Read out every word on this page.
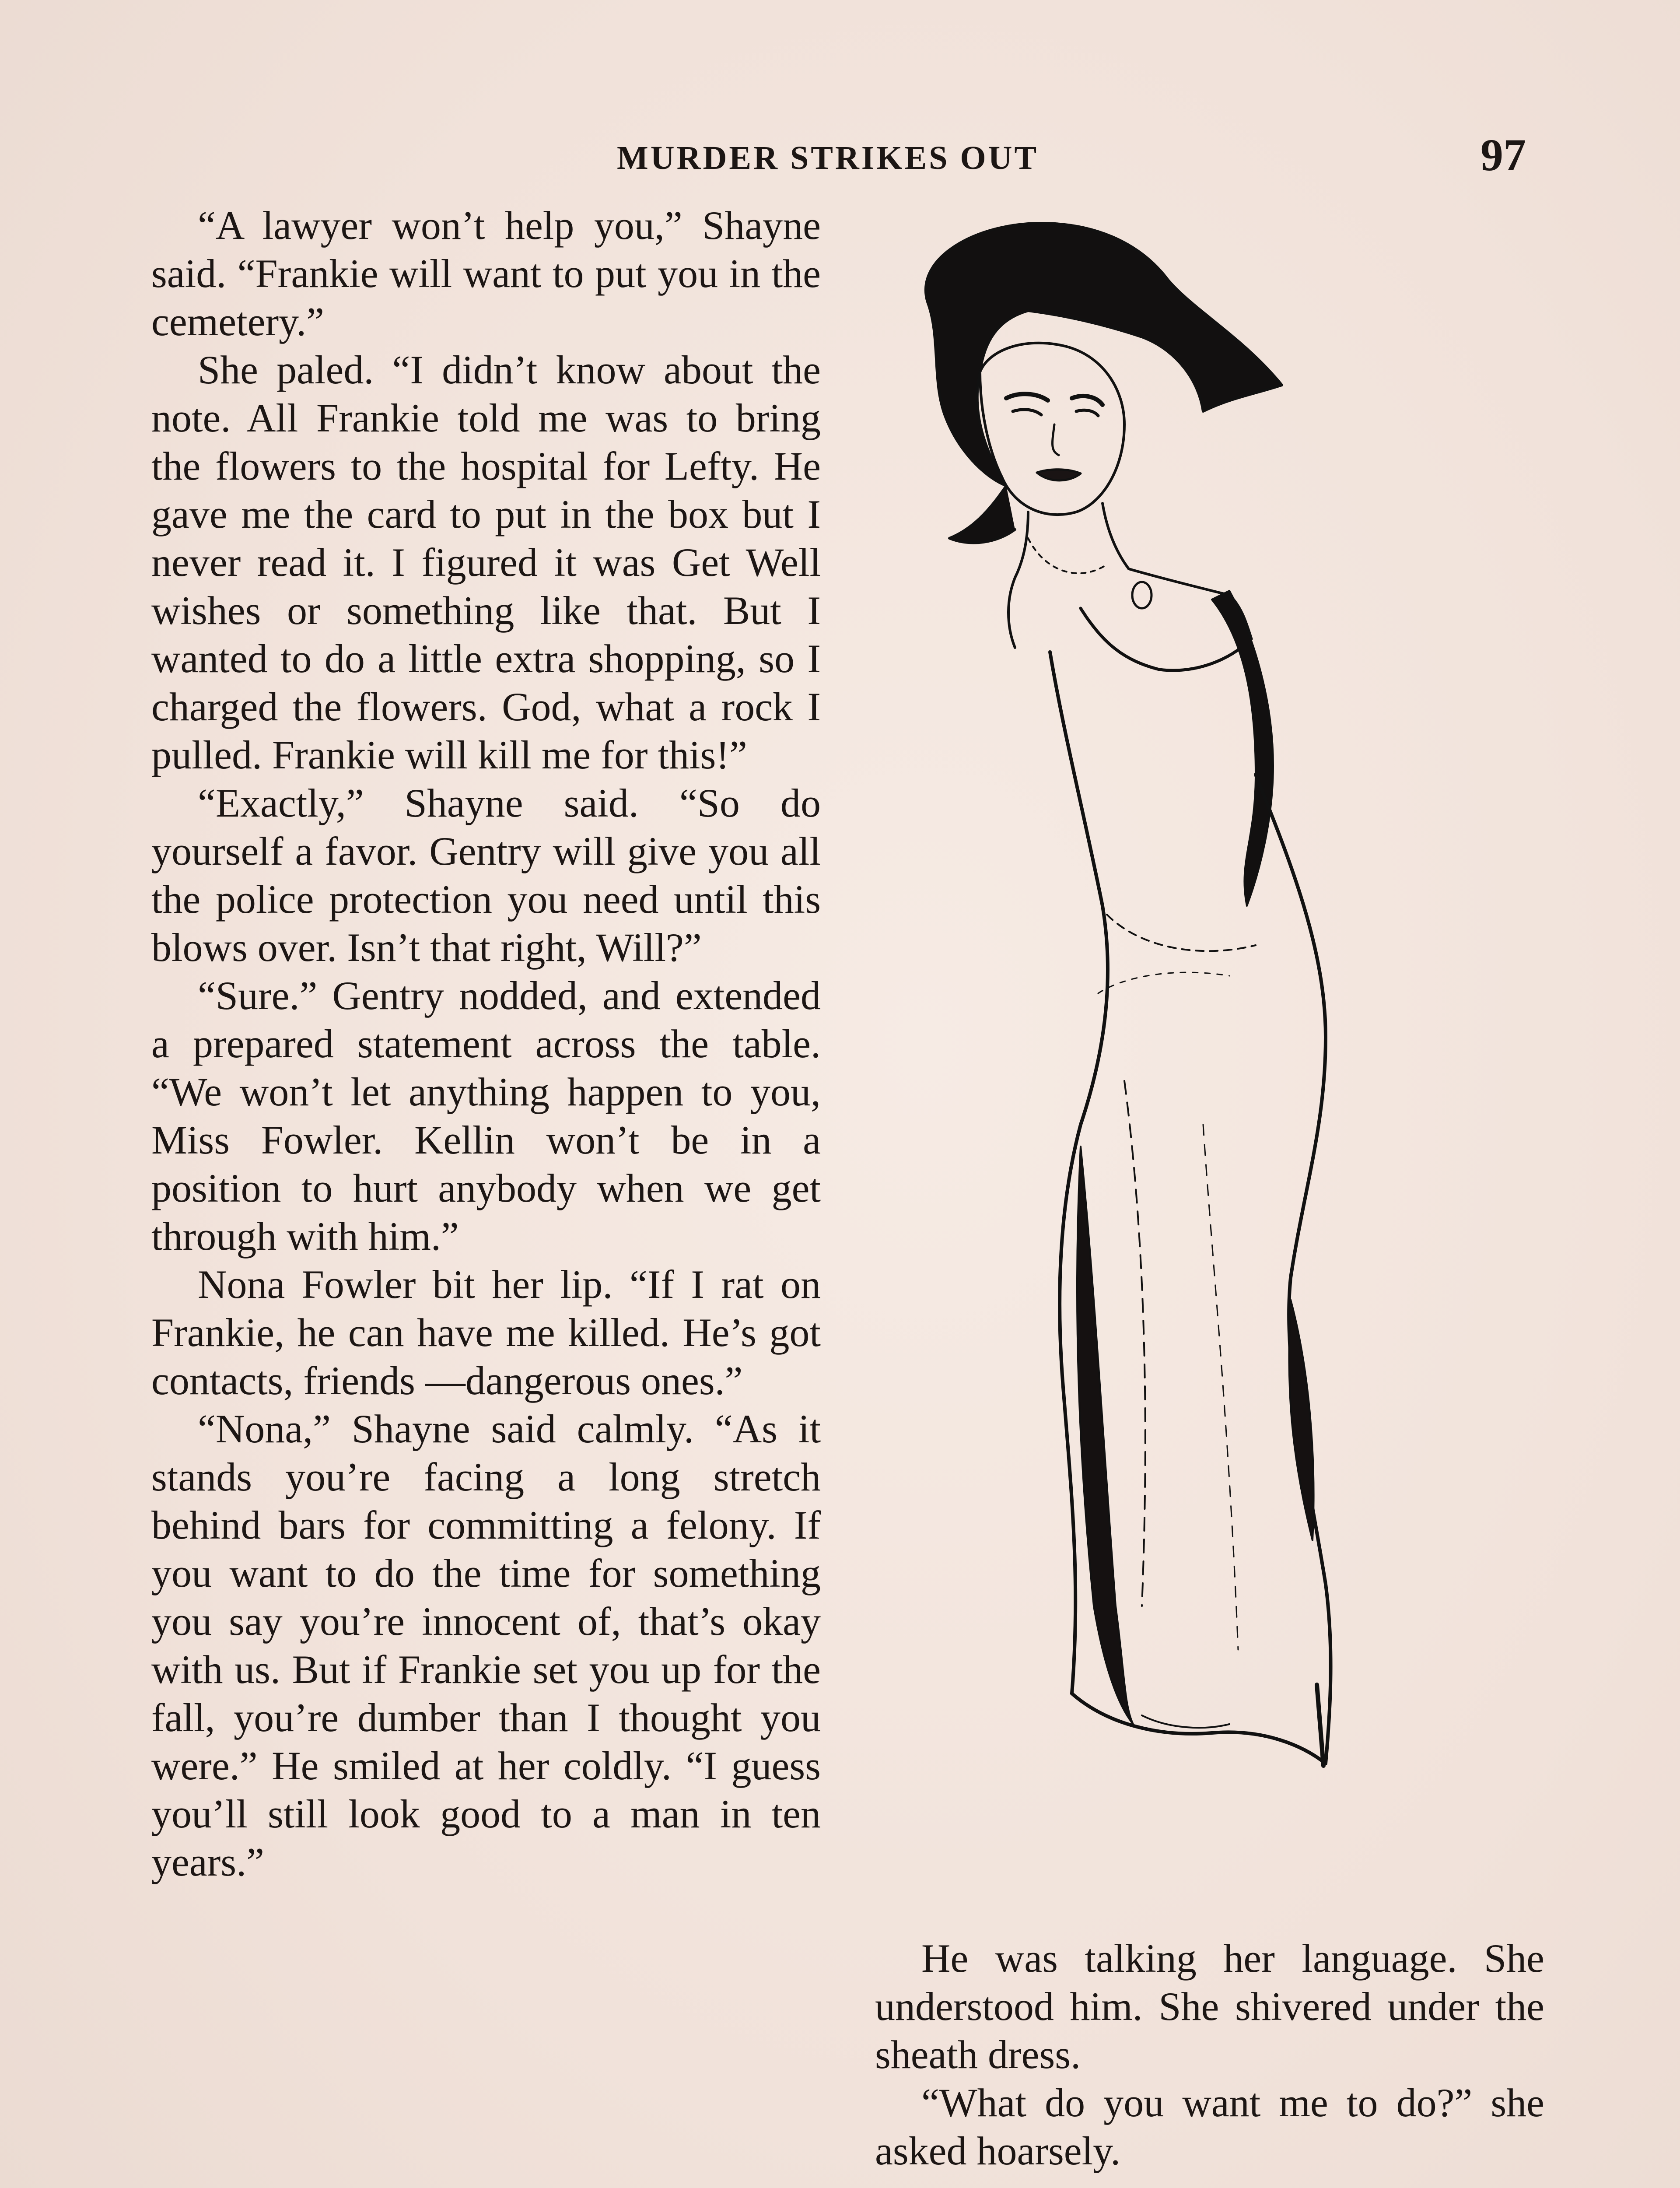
MURDER STRIKES OUT	97

“A lawyer won’t help you,” Shayne said. “Frankie will want to put you in the cemetery.”

She paled. “I didn’t know about the note. All Frankie told me was to bring the flowers to the hospital for Lefty. He gave me the card to put in the box but I never read it. I figured it was Get Well wishes or something like that. But I wanted to do a little extra shopping, so I charged the flowers. God, what a rock I pulled. Frankie will kill me for this!”

“Exactly,” Shayne said. “So do yourself a favor. Gentry will give you all the police protection you need until this blows over. Isn’t that right, Will?”

“Sure.” Gentry nodded, and extended a prepared statement across the table. “We won’t let anything happen to you, Miss Fowler. Kellin won’t be in a position to hurt anybody when we get through with him.”

Nona Fowler bit her lip. “If I rat on Frankie, he can have me killed. He’s got contacts, friends —dangerous ones.”

“Nona,” Shayne said calmly. “As it stands you’re facing a long stretch behind bars for committing a felony. If you want to do the time for something you say you’re innocent of, that’s okay with us. But if Frankie set you up for the fall, you’re dumber than I thought you were.” He smiled at her coldly. “I guess you’ll still look good to a man in ten years.”

He was talking her language. She understood him. She shivered under the sheath dress.

“What do you want me to do?” she asked hoarsely.
